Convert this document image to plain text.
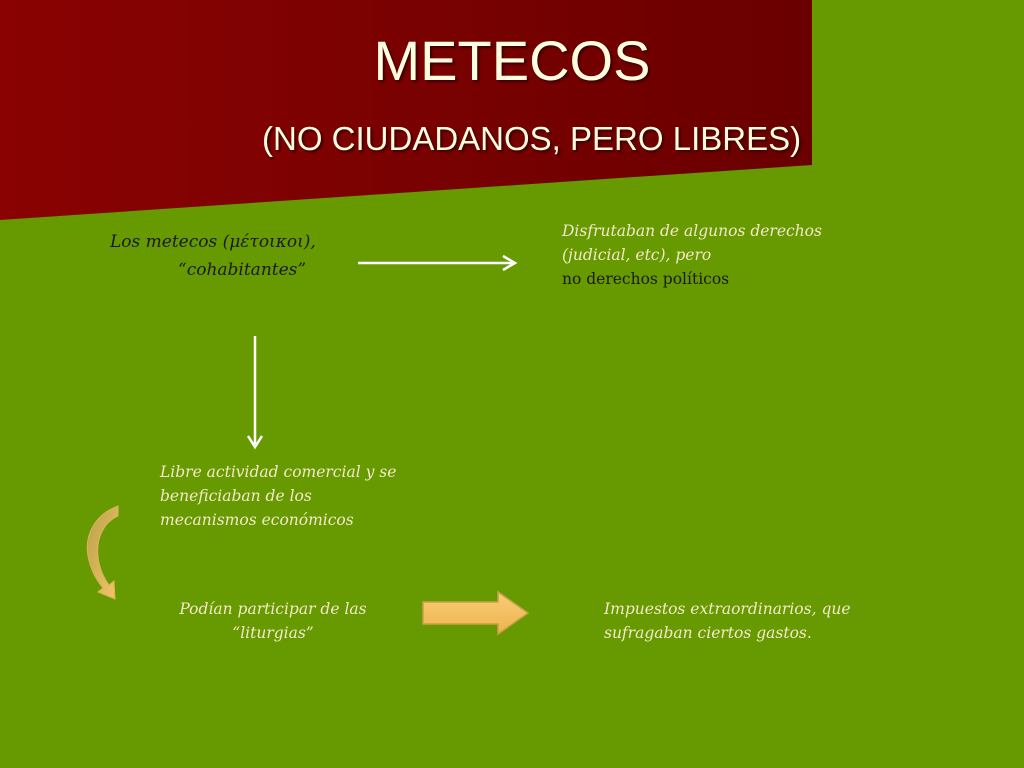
METECOS
(NO CIUDADANOS, PERO LIBRES)
Los metecos (μέτοικοι),
“cohabitantes”
Disfrutaban de algunos derechos (judicial, etc), pero
no derechos políticos
Libre actividad comercial y se beneficiaban de los mecanismos económicos
Podían participar de las “liturgias”
Impuestos extraordinarios, que sufragaban ciertos gastos.
